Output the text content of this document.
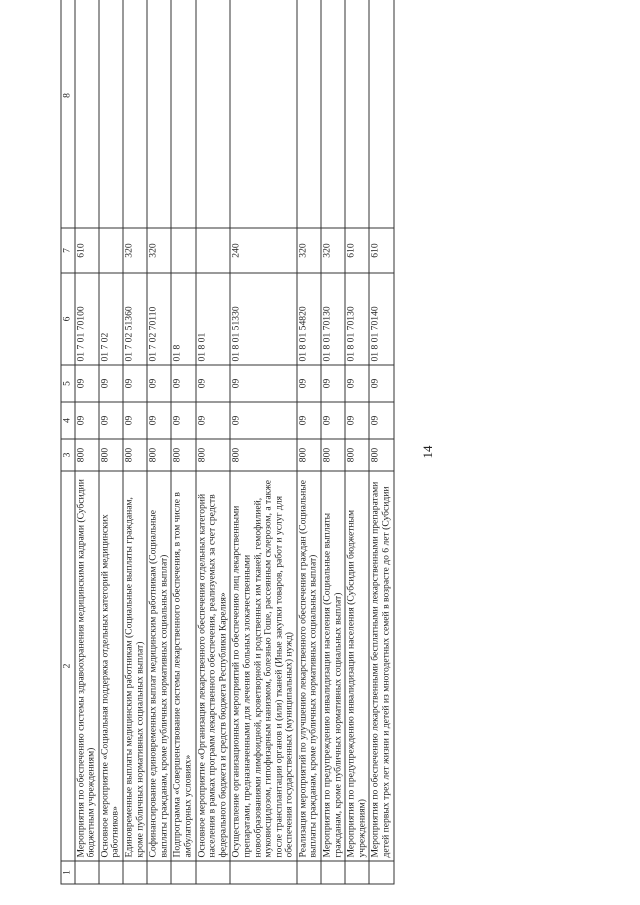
14
1	2	3	4	5	6	7	8
	Мероприятия по обеспечению системы здравоохранения медицинскими кадрами (Субсидии бюджетным учреждениям)	800	09	09	01 7 01 70100	610	
	Основное мероприятие «Социальная поддержка отдельных категорий медицинских работников»	800	09	09	01 7 02		
	Единовременные выплаты медицинским работникам (Социальные выплаты гражданам, кроме публичных нормативных социальных выплат)	800	09	09	01 7 02 51360	320	
	Софинансирование единовременных выплат медицинским работникам (Социальные выплаты гражданам, кроме публичных нормативных социальных выплат)	800	09	09	01 7 02 70110	320	
	Подпрограмма «Совершенствование системы лекарственного обеспечения, в том числе в амбулаторных условиях»	800	09	09	01 8		
	Основное мероприятие «Организация лекарственного обеспечения отдельных категорий населения в рамках программ лекарственного обеспечения, реализуемых за счет средств федерального бюджета и средств бюджета Республики Карелия»	800	09	09	01 8 01		
	Осуществление организационных мероприятий по обеспечению лиц лекарственными препаратами, предназначенными для лечения больных злокачественными новообразованиями лимфоидной, кроветворной и родственных им тканей, гемофилией, муковисцидозом, гипофизарным нанизмом, болезнью Гоше, рассеянным склерозом, а также после трансплантации органов и (или) тканей (Иные закупки товаров, работ и услуг для обеспечения государственных (муниципальных) нужд)	800	09	09	01 8 01 51330	240	
	Реализация мероприятий по улучшению лекарственного обеспечения граждан (Социальные выплаты гражданам, кроме публичных нормативных социальных выплат)	800	09	09	01 8 01 54820	320	
	Мероприятия по предупреждению инвалидизации населения (Социальные выплаты гражданам, кроме публичных нормативных социальных выплат)	800	09	09	01 8 01 70130	320	
	Мероприятия по предупреждению инвалидизации населения (Субсидии бюджетным учреждениям)	800	09	09	01 8 01 70130	610	
	Мероприятия по обеспечению лекарственными бесплатными лекарственными препаратами детей первых трех лет жизни и детей из многодетных семей в возрасте до 6 лет (Субсидии	800	09	09	01 8 01 70140	610	
